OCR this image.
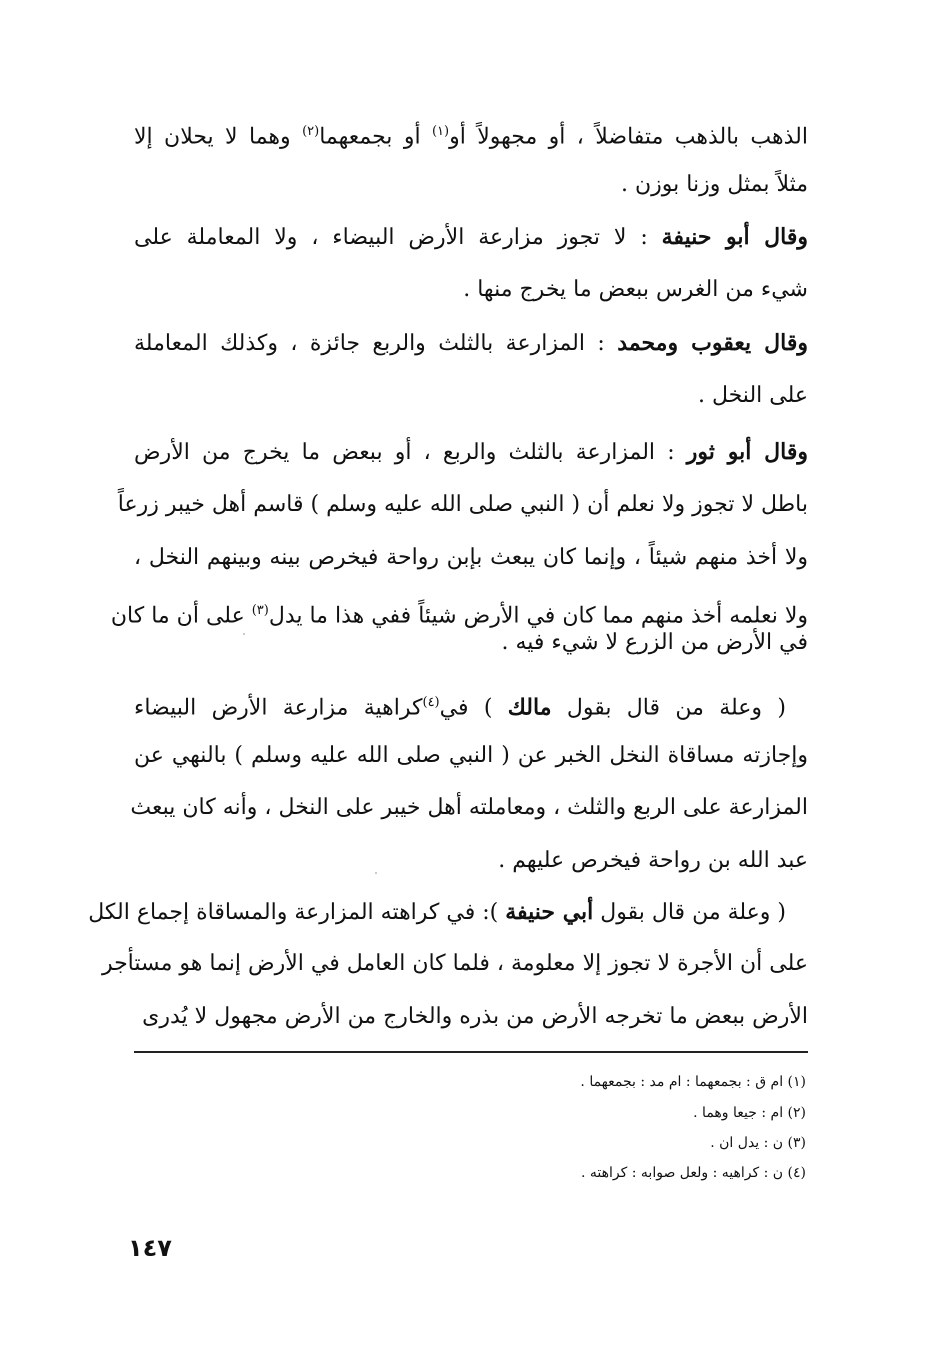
الذهب بالذهب متفاضلاً ، أو مجهولاً أو$^{(١)}$ أو بجمعهما$^{(٢)}$ وهما لا يحلان إلا
مثلاً بمثل وزنا بوزن .
وقال أبو حنيفة : لا تجوز مزارعة الأرض البيضاء ، ولا المعاملة على
شيء من الغرس ببعض ما يخرج منها .
وقال يعقوب ومحمد : المزارعة بالثلث والربع جائزة ، وكذلك المعاملة
على النخل .
وقال أبو ثور : المزارعة بالثلث والربع ، أو ببعض ما يخرج من الأرض
باطل لا تجوز ولا نعلم أن ( النبي صلى الله عليه وسلم ) قاسم أهل خيبر زرعاً
ولا أخذ منهم شيئاً ، وإنما كان يبعث بإبن رواحة فيخرص بينه وبينهم النخل ،
ولا نعلمه أخذ منهم مما كان في الأرض شيئاً ففي هذا ما يدل$^{(٣)}$ على أن ما كان
في الأرض من الزرع لا شيء فيه .
( وعلة من قال بقول مالك ) في$^{(٤)}$كراهية مزارعة الأرض البيضاء
وإجازته مساقاة النخل الخبر عن ( النبي صلى الله عليه وسلم ) بالنهي عن
المزارعة على الربع والثلث ، ومعاملته أهل خيبر على النخل ، وأنه كان يبعث
عبد الله بن رواحة فيخرص عليهم .
( وعلة من قال بقول أبي حنيفة ): في كراهته المزارعة والمساقاة إجماع الكل
على أن الأجرة لا تجوز إلا معلومة ، فلما كان العامل في الأرض إنما هو مستأجر
الأرض ببعض ما تخرجه الأرض من بذره والخارج من الأرض مجهول لا يُدرى
(١) ام ق : بجمعهما : ام مد : بجمعهما .
(٢) ام : جيعا وهما .
(٣) ن : يدل ان .
(٤) ن : كراهيه : ولعل صوابه : كراهته .
١٤٧
